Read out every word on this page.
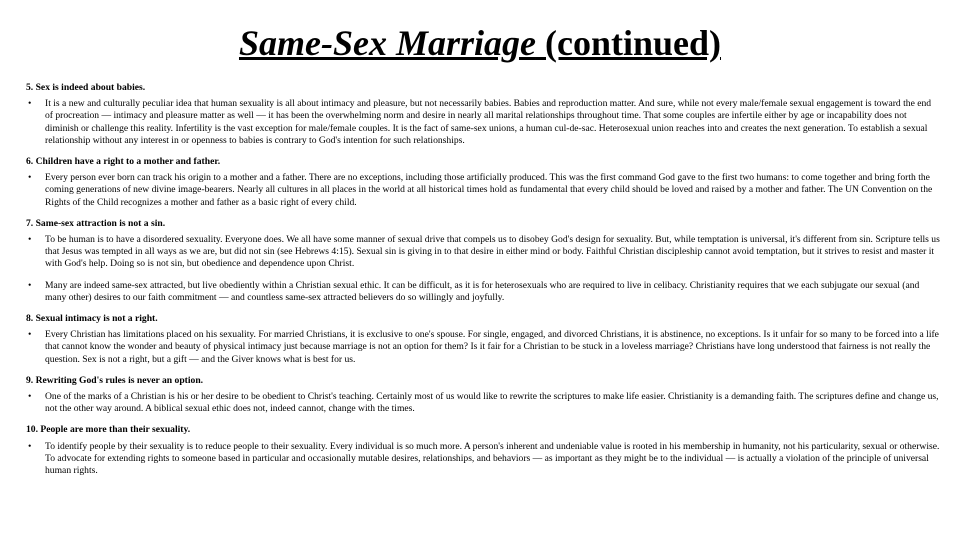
Same-Sex Marriage (continued)
5. Sex is indeed about babies.
•	It is a new and culturally peculiar idea that human sexuality is all about intimacy and pleasure, but not necessarily babies. Babies and reproduction matter. And sure, while not every male/female sexual engagement is toward the end of procreation — intimacy and pleasure matter as well — it has been the overwhelming norm and desire in nearly all marital relationships throughout time. That some couples are infertile either by age or incapability does not diminish or challenge this reality. Infertility is the vast exception for male/female couples. It is the fact of same-sex unions, a human cul-de-sac. Heterosexual union reaches into and creates the next generation. To establish a sexual relationship without any interest in or openness to babies is contrary to God's intention for such relationships.
6. Children have a right to a mother and father.
•	Every person ever born can track his origin to a mother and a father. There are no exceptions, including those artificially produced. This was the first command God gave to the first two humans: to come together and bring forth the coming generations of new divine image-bearers. Nearly all cultures in all places in the world at all historical times hold as fundamental that every child should be loved and raised by a mother and father. The UN Convention on the Rights of the Child recognizes a mother and father as a basic right of every child.
7. Same-sex attraction is not a sin.
•	To be human is to have a disordered sexuality. Everyone does. We all have some manner of sexual drive that compels us to disobey God's design for sexuality. But, while temptation is universal, it's different from sin. Scripture tells us that Jesus was tempted in all ways as we are, but did not sin (see Hebrews 4:15). Sexual sin is giving in to that desire in either mind or body. Faithful Christian discipleship cannot avoid temptation, but it strives to resist and master it with God's help. Doing so is not sin, but obedience and dependence upon Christ.
•	Many are indeed same-sex attracted, but live obediently within a Christian sexual ethic. It can be difficult, as it is for heterosexuals who are required to live in celibacy. Christianity requires that we each subjugate our sexual (and many other) desires to our faith commitment — and countless same-sex attracted believers do so willingly and joyfully.
8. Sexual intimacy is not a right.
•	Every Christian has limitations placed on his sexuality. For married Christians, it is exclusive to one's spouse. For single, engaged, and divorced Christians, it is abstinence, no exceptions. Is it unfair for so many to be forced into a life that cannot know the wonder and beauty of physical intimacy just because marriage is not an option for them? Is it fair for a Christian to be stuck in a loveless marriage? Christians have long understood that fairness is not really the question. Sex is not a right, but a gift — and the Giver knows what is best for us.
9. Rewriting God's rules is never an option.
•	One of the marks of a Christian is his or her desire to be obedient to Christ's teaching. Certainly most of us would like to rewrite the scriptures to make life easier. Christianity is a demanding faith. The scriptures define and change us, not the other way around. A biblical sexual ethic does not, indeed cannot, change with the times.
10. People are more than their sexuality.
•	To identify people by their sexuality is to reduce people to their sexuality. Every individual is so much more. A person's inherent and undeniable value is rooted in his membership in humanity, not his particularity, sexual or otherwise. To advocate for extending rights to someone based in particular and occasionally mutable desires, relationships, and behaviors — as important as they might be to the individual — is actually a violation of the principle of universal human rights.
